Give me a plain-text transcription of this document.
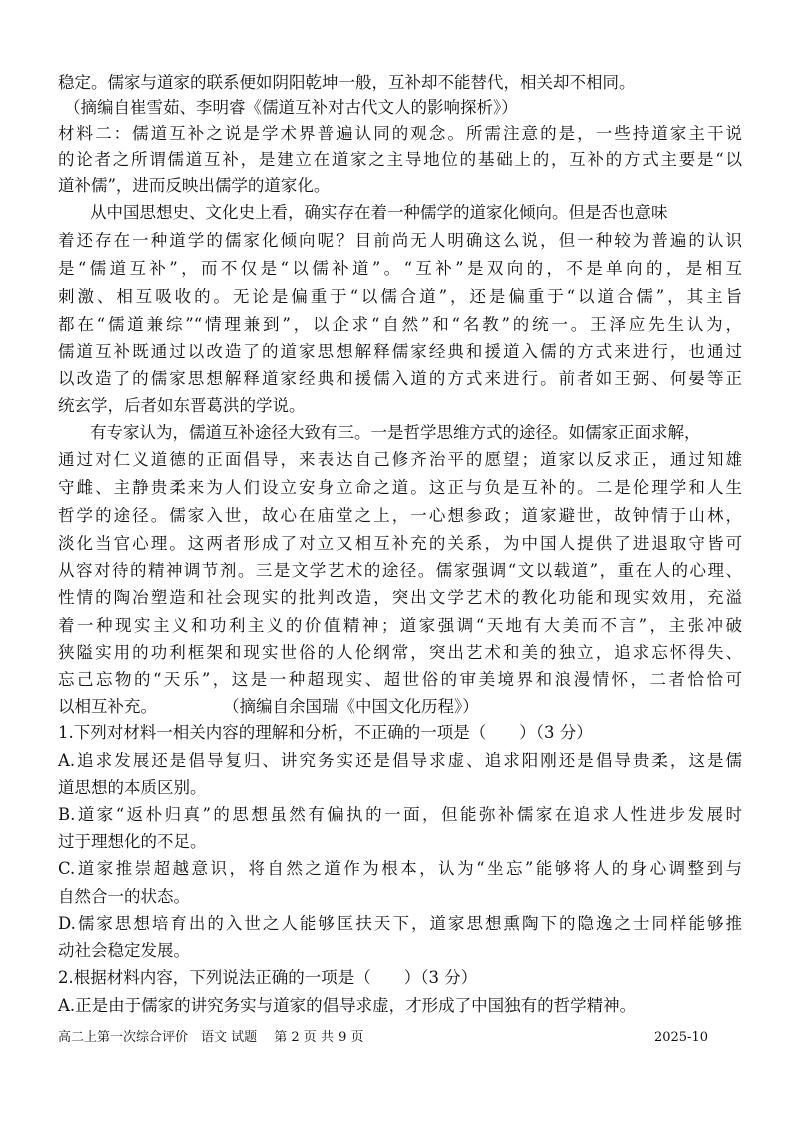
稳定。儒家与道家的联系便如阴阳乾坤一般，互补却不能替代，相关却不相同。
（摘编自崔雪茹、李明睿《儒道互补对古代文人的影响探析》）
材料二：儒道互补之说是学术界普遍认同的观念。所需注意的是，一些持道家主干说
的论者之所谓儒道互补，是建立在道家之主导地位的基础上的，互补的方式主要是“以
道补儒”，进而反映出儒学的道家化。
从中国思想史、文化史上看，确实存在着一种儒学的道家化倾向。但是否也意味
着还存在一种道学的儒家化倾向呢？目前尚无人明确这么说，但一种较为普遍的认识
是“儒道互补”，而不仅是“以儒补道”。“互补”是双向的，不是单向的，是相互
刺激、相互吸收的。无论是偏重于“以儒合道”，还是偏重于“以道合儒”，其主旨
都在“儒道兼综”“情理兼到”，以企求“自然”和“名教”的统一。王泽应先生认为，
儒道互补既通过以改造了的道家思想解释儒家经典和援道入儒的方式来进行，也通过
以改造了的儒家思想解释道家经典和援儒入道的方式来进行。前者如王弼、何晏等正
统玄学，后者如东晋葛洪的学说。
有专家认为，儒道互补途径大致有三。一是哲学思维方式的途径。如儒家正面求解，
通过对仁义道德的正面倡导，来表达自己修齐治平的愿望；道家以反求正，通过知雄
守雌、主静贵柔来为人们设立安身立命之道。这正与负是互补的。二是伦理学和人生
哲学的途径。儒家入世，故心在庙堂之上，一心想参政；道家避世，故钟情于山林，
淡化当官心理。这两者形成了对立又相互补充的关系，为中国人提供了进退取守皆可
从容对待的精神调节剂。三是文学艺术的途径。儒家强调“文以载道”，重在人的心理、
性情的陶冶塑造和社会现实的批判改造，突出文学艺术的教化功能和现实效用，充溢
着一种现实主义和功利主义的价值精神；道家强调“天地有大美而不言”，主张冲破
狭隘实用的功利框架和现实世俗的人伦纲常，突出艺术和美的独立，追求忘怀得失、
忘己忘物的“天乐”，这是一种超现实、超世俗的审美境界和浪漫情怀，二者恰恰可
以相互补充。　　　　　（摘编自余国瑞《中国文化历程》）
1.下列对材料一相关内容的理解和分析，不正确的一项是（　　）（3 分）
A.追求发展还是倡导复归、讲究务实还是倡导求虚、追求阳刚还是倡导贵柔，这是儒
道思想的本质区别。
B.道家“返朴归真”的思想虽然有偏执的一面，但能弥补儒家在追求人性进步发展时
过于理想化的不足。
C.道家推崇超越意识，将自然之道作为根本，认为“坐忘”能够将人的身心调整到与
自然合一的状态。
D.儒家思想培育出的入世之人能够匡扶天下，道家思想熏陶下的隐逸之士同样能够推
动社会稳定发展。
2.根据材料内容，下列说法正确的一项是（　　）（3 分）
A.正是由于儒家的讲究务实与道家的倡导求虚，才形成了中国独有的哲学精神。
高二上第一次综合评价　语文 试题　 第 2 页 共 9 页	2025-10
